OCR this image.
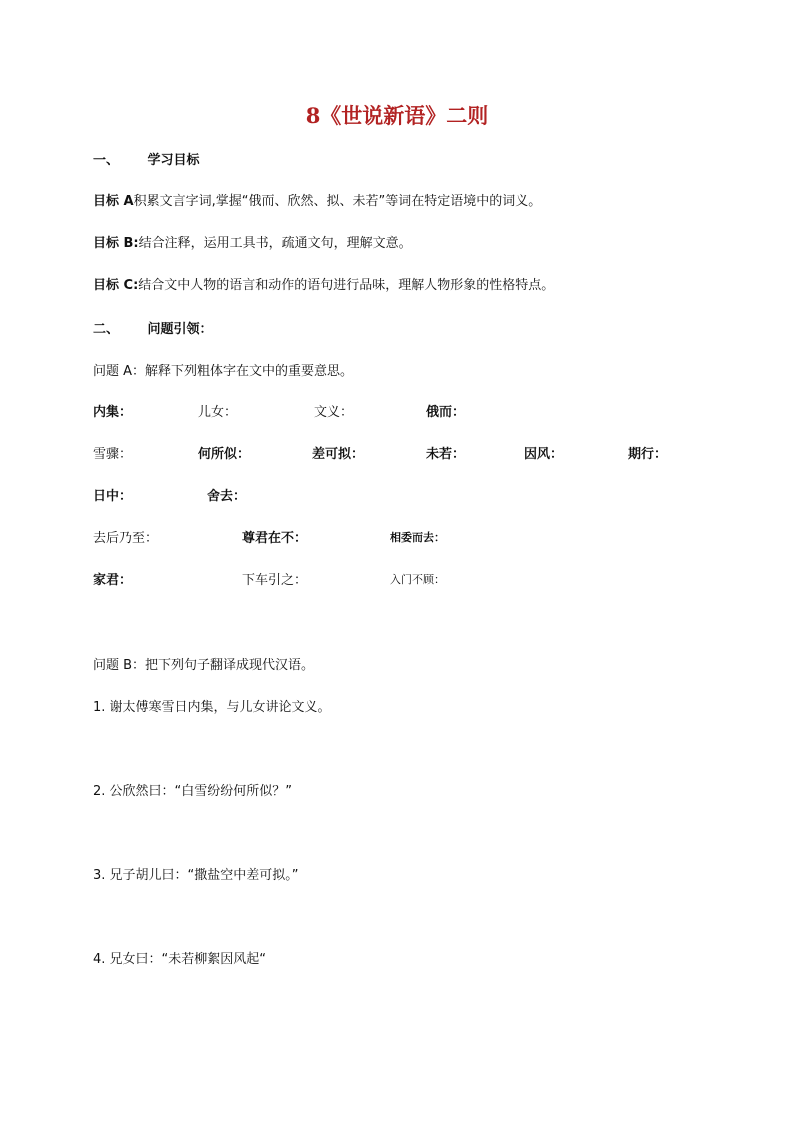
8《世说新语》二则
一、 学习目标
目标 A积累文言字词,掌握“俄而、欣然、拟、未若”等词在特定语境中的词义。
目标 B:结合注释，运用工具书，疏通文句，理解文意。
目标 C:结合文中人物的语言和动作的语句进行品味，理解人物形象的性格特点。
二、 问题引领：
问题 A：解释下列粗体字在文中的重要意思。
内集：	儿女：	文义：	俄而：
雪骤：	何所似：	差可拟：	未若：	因风：	期行：
日中：	舍去：
去后乃至：	尊君在不：	相委而去：
家君：	下车引之：	入门不顾：
问题 B：把下列句子翻译成现代汉语。
1. 谢太傅寒雪日内集，与儿女讲论文义。
2. 公欣然曰：“白雪纷纷何所似？”
3. 兄子胡儿曰：“撒盐空中差可拟。”
4. 兄女曰：“未若柳絮因风起“
